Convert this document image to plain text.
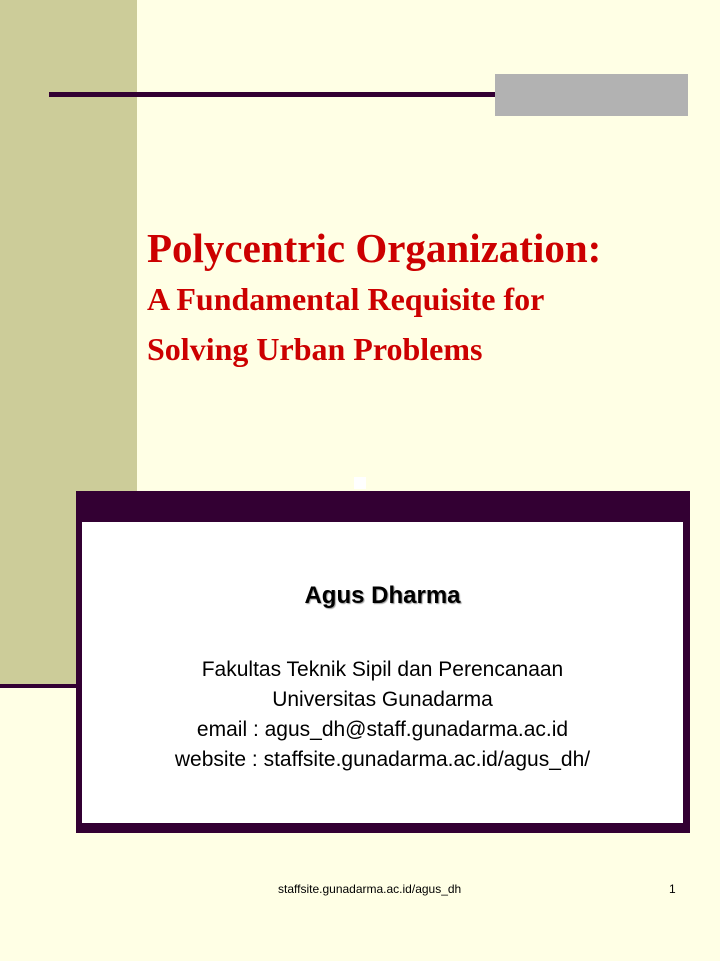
Polycentric Organization:
A Fundamental Requisite for
Solving Urban Problems
Agus Dharma
Fakultas Teknik Sipil dan Perencanaan
Universitas Gunadarma
email : agus_dh@staff.gunadarma.ac.id
website : staffsite.gunadarma.ac.id/agus_dh/
staffsite.gunadarma.ac.id/agus_dh	1
